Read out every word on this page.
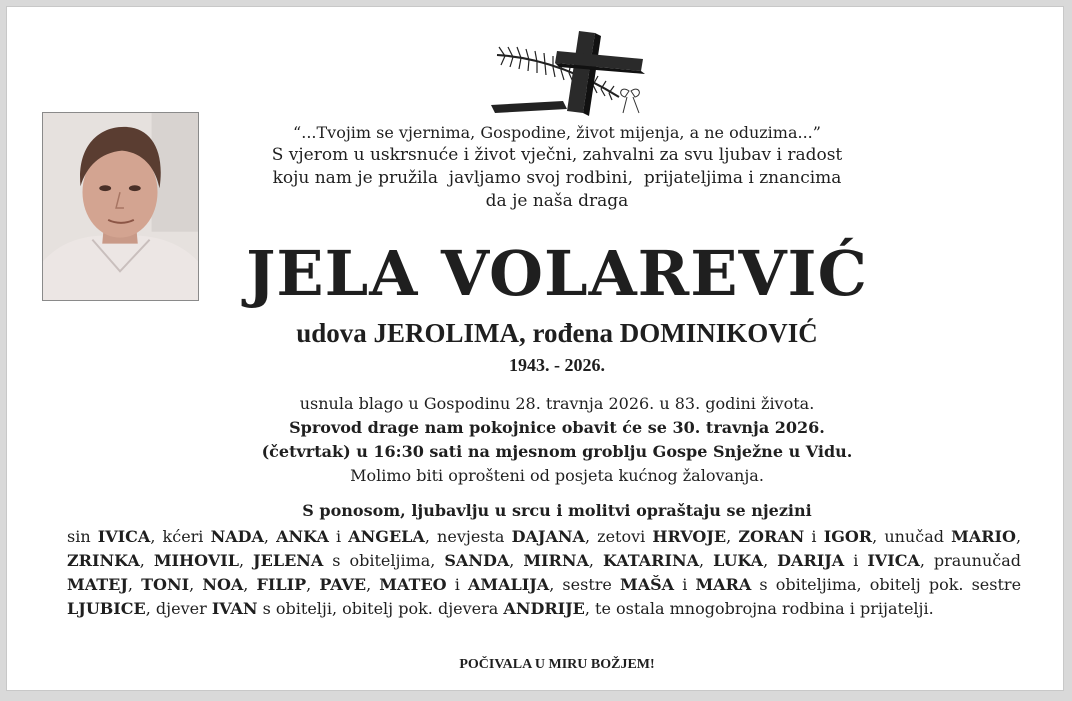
“...Tvojim se vjernima, Gospodine, život mijenja, a ne oduzima...”
S vjerom u uskrsnuće i život vječni, zahvalni za svu ljubav i radost
koju nam je pružila  javljamo svoj rodbini,  prijateljima i znancima
da je naša draga
JELA VOLAREVIĆ
udova JEROLIMA, rođena DOMINIKOVIĆ
1943. - 2026.
usnula blago u Gospodinu 28. travnja 2026. u 83. godini života.
Sprovod drage nam pokojnice obavit će se 30. travnja 2026.
(četvrtak) u 16:30 sati na mjesnom groblju Gospe Snježne u Vidu.
Molimo biti oprošteni od posjeta kućnog žalovanja.
S ponosom, ljubavlju u srcu i molitvi opraštaju se njezini
sin IVICA, kćeri NADA, ANKA i ANGELA, nevjesta DAJANA, zetovi HRVOJE, ZORAN i IGOR, unučad MARIO, ZRINKA, MIHOVIL, JELENA s obiteljima, SANDA, MIRNA, KATARINA, LUKA, DARIJA i IVICA, praunučad MATEJ, TONI, NOA, FILIP, PAVE, MATEO i AMALIJA, sestre MAŠA i MARA s obiteljima, obitelj pok. sestre LJUBICE, djever IVAN s obitelji, obitelj pok. djevera ANDRIJE, te ostala mnogobrojna rodbina i prijatelji.
POČIVALA U MIRU BOŽJEM!
